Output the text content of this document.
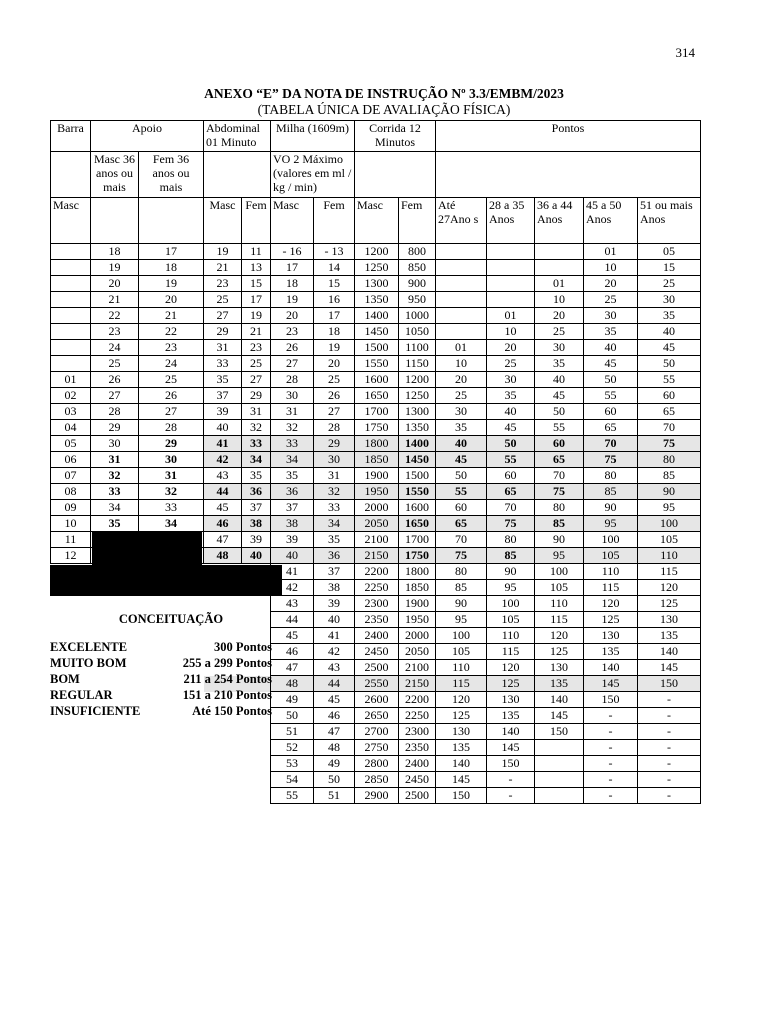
314
ANEXO “E” DA NOTA DE INSTRUÇÃO Nº 3.3/EMBM/2023
(TABELA ÚNICA DE AVALIAÇÃO FÍSICA)
Barra	Apoio		Abdominal 01 Minuto		Milha (1609m)		Corrida 12 Minutos		Pontos				
	Masc 36 anos ou mais	Fem 36 anos ou mais			VO 2 Máximo (valores em ml / kg / min)								
Masc			Masc	Fem	Masc	Fem	Masc	Fem	Até 27Ano s	28 a 35 Anos	36 a 44 Anos	45 a 50 Anos	51 ou mais Anos
	18	17	19	11	- 16	- 13	1200	800				01	05
	19	18	21	13	17	14	1250	850				10	15
	20	19	23	15	18	15	1300	900			01	20	25
	21	20	25	17	19	16	1350	950			10	25	30
	22	21	27	19	20	17	1400	1000		01	20	30	35
	23	22	29	21	23	18	1450	1050		10	25	35	40
	24	23	31	23	26	19	1500	1100	01	20	30	40	45
	25	24	33	25	27	20	1550	1150	10	25	35	45	50
01	26	25	35	27	28	25	1600	1200	20	30	40	50	55
02	27	26	37	29	30	26	1650	1250	25	35	45	55	60
03	28	27	39	31	31	27	1700	1300	30	40	50	60	65
04	29	28	40	32	32	28	1750	1350	35	45	55	65	70
05	30	29	41	33	33	29	1800	1400	40	50	60	70	75
06	31	30	42	34	34	30	1850	1450	45	55	65	75	80
07	32	31	43	35	35	31	1900	1500	50	60	70	80	85
08	33	32	44	36	36	32	1950	1550	55	65	75	85	90
09	34	33	45	37	37	33	2000	1600	60	70	80	90	95
10	35	34	46	38	38	34	2050	1650	65	75	85	95	100
11			47	39	39	35	2100	1700	70	80	90	100	105
12			48	40	40	36	2150	1750	75	85	95	105	110
					41	37	2200	1800	80	90	100	110	115
					42	38	2250	1850	85	95	105	115	120
					43	39	2300	1900	90	100	110	120	125
					44	40	2350	1950	95	105	115	125	130
					45	41	2400	2000	100	110	120	130	135
					46	42	2450	2050	105	115	125	135	140
					47	43	2500	2100	110	120	130	140	145
					48	44	2550	2150	115	125	135	145	150
					49	45	2600	2200	120	130	140	150	-
					50	46	2650	2250	125	135	145	-	-
					51	47	2700	2300	130	140	150	-	-
					52	48	2750	2350	135	145		-	-
					53	49	2800	2400	140	150		-	-
					54	50	2850	2450	145	-		-	-
					55	51	2900	2500	150	-		-	-
CONCEITUAÇÃO
EXCELENTE	300 Pontos
MUITO BOM	255 a 299 Pontos
BOM	211 a 254 Pontos
REGULAR	151 a 210 Pontos
INSUFICIENTE	Até 150 Pontos
